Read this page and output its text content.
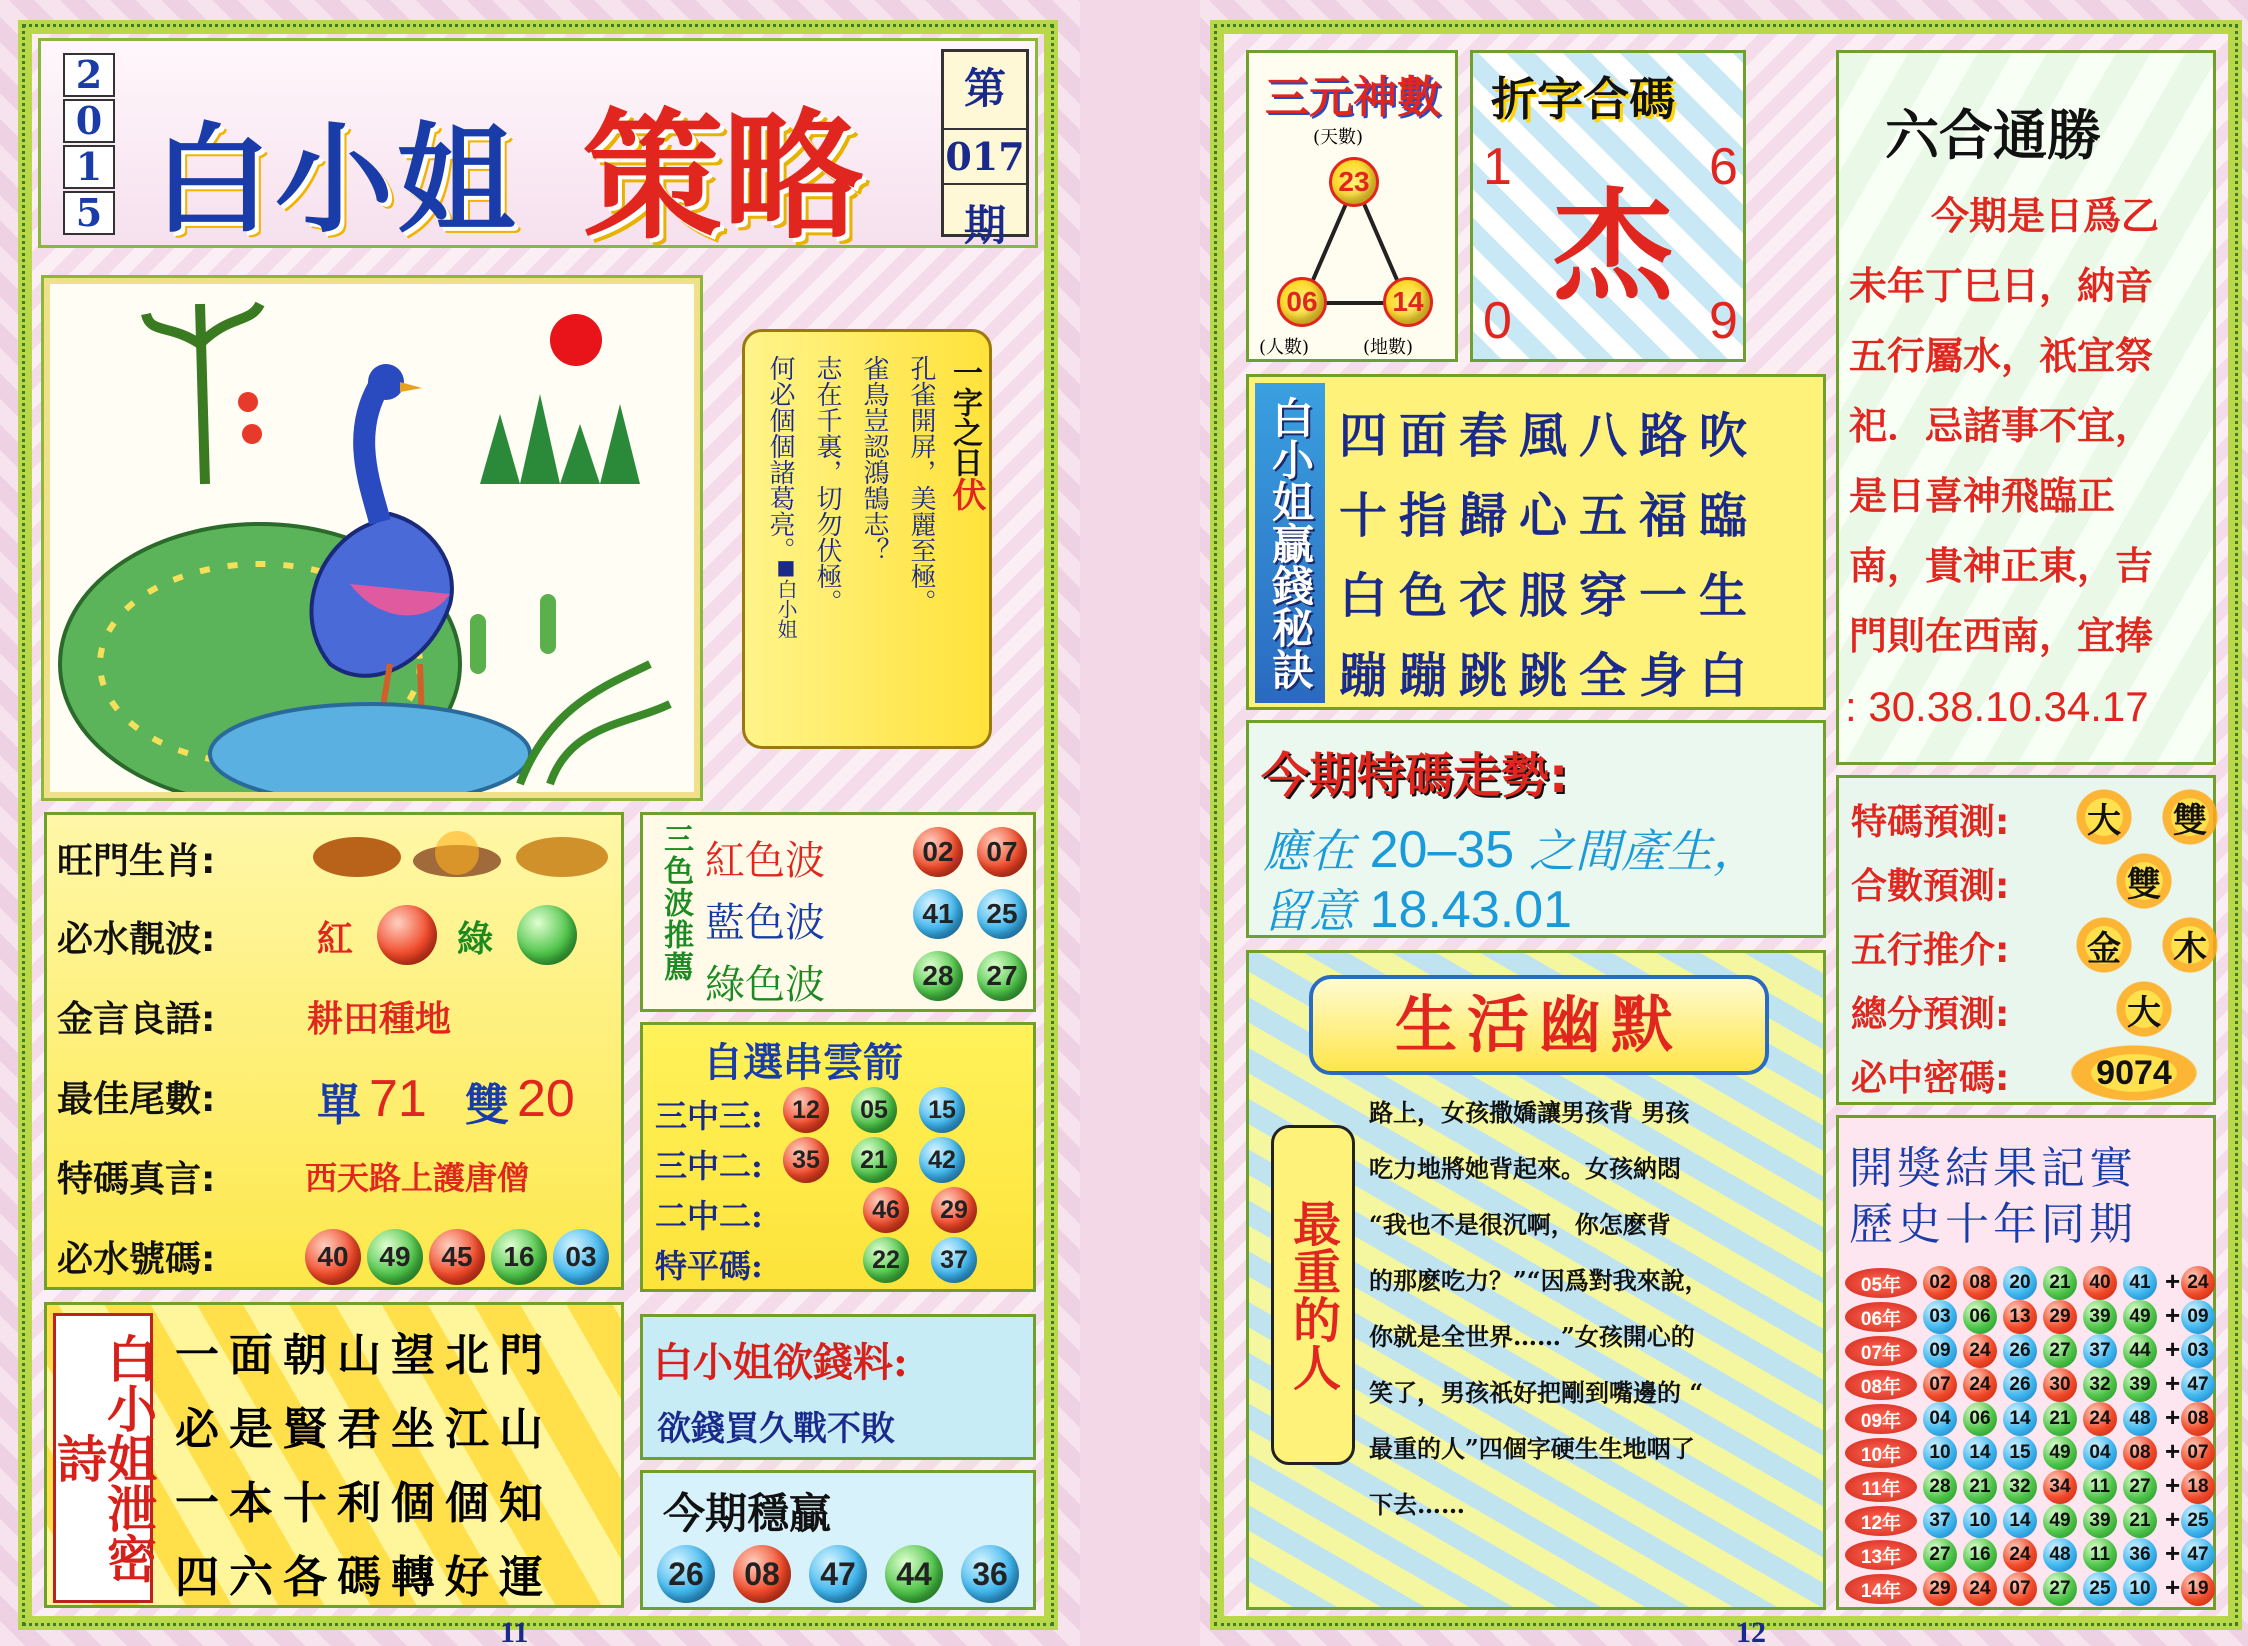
2
0
1
5 白小姐 策略
第
017
期
一字之日
伏
孔雀開屏，美麗至極。
雀鳥豈認鴻鵠志？
志在千裏，切勿伏極。
何必個個諸葛亮。
■白小姐
旺門生肖:
必水靚波:	紅	綠
金言良語:	耕田種地
最佳尾數: 單 71 雙 20
特碼真言:	西天路上護唐僧
必水號碼:	40	49	45	16	03
三色波推薦 紅色波	02	07
藍色波	41	25
綠色波	28	27
自選串雲箭
三中三:	12	05	15
三中二:	35	21	42
二中二:	46	29
特平碼:	22	37
白小姐泄密詩
一面朝山望北門
必是賢君坐江山
一本十利個個知
四六各碼轉好運
白小姐欲錢料:
欲錢買久戰不敗
今期穩贏
26	08	47	44	36
11
三元神數
(天數)
23
06	14
(人數)	(地數)
折字合碼
杰
1	6
0	9
六合通勝
今期是日爲乙
未年丁巳日，納音
五行屬水，祇宜祭
祀．忌諸事不宜，
是日喜神飛臨正
南，貴神正東，吉
門則在西南，宜捧
: 30.38.10.34.17
白小姐贏錢秘訣 四面春風八路吹
十指歸心五福臨
白色衣服穿一生
蹦蹦跳跳全身白
今期特碼走勢:
應在 20–35 之間產生，
留意 18.43.01
特碼預測:	大	雙
合數預測:	雙
五行推介:	金	木
總分預測:	大
必中密碼:	9074
生活幽默
最重的人
路上，女孩撒嬌讓男孩背 男孩
吃力地將她背起來。女孩納悶
“我也不是很沉啊，你怎麽背
的那麽吃力？”“因爲對我來說，
你就是全世界……”女孩開心的
笑了，男孩祇好把剛到嘴邊的 “
最重的人”四個字硬生生地咽了
下去……
開獎結果記實
歷史十年同期
05年	02 08 20 21 40 41 + 24
06年	03 06 13 29 39 49 + 09
07年	09 24 26 27 37 44 + 03
08年	07 24 26 30 32 39 + 47
09年	04 06 14 21 24 48 + 08
10年	10 14 15 49 04 08 + 07
11年	28 21 32 34	11	27 + 18
12年	37 10 14 49 39 21 + 25
13年	27 16 24 48	11	36 + 47
14年	29 24 07 27 25 10 + 19
12
